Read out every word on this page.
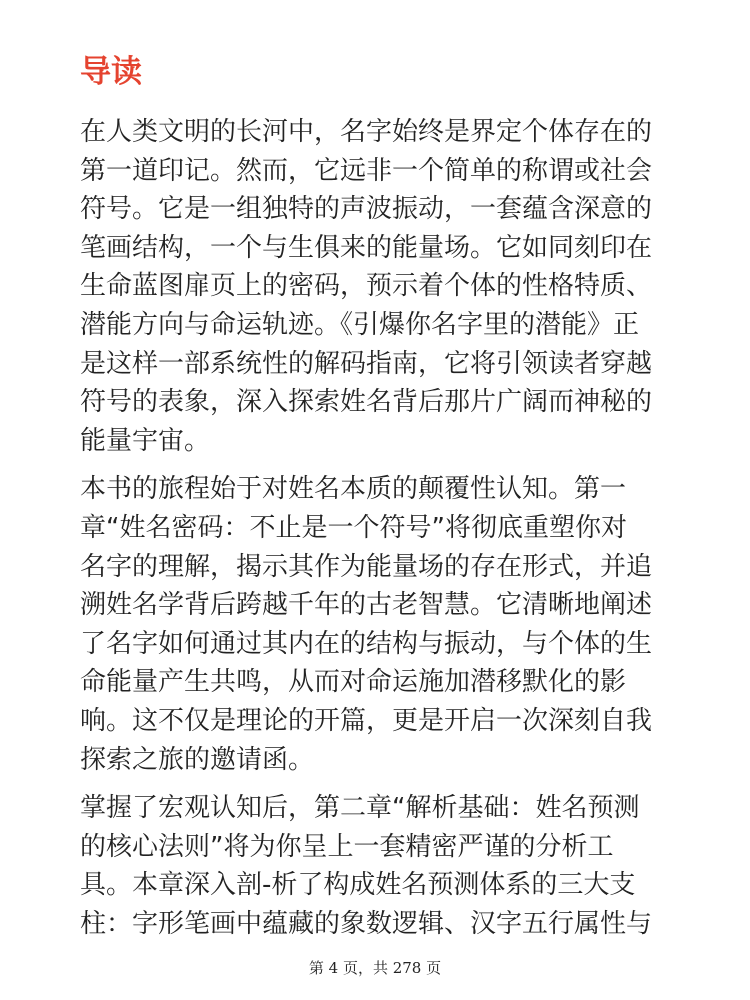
导读

在人类文明的长河中，名字始终是界定个体存在的
第一道印记。然而，它远非一个简单的称谓或社会
符号。它是一组独特的声波振动，一套蕴含深意的
笔画结构，一个与生俱来的能量场。它如同刻印在
生命蓝图扉页上的密码，预示着个体的性格特质、
潜能方向与命运轨迹。《引爆你名字里的潜能》正
是这样一部系统性的解码指南，它将引领读者穿越
符号的表象，深入探索姓名背后那片广阔而神秘的
能量宇宙。

本书的旅程始于对姓名本质的颠覆性认知。第一
章“姓名密码：不止是一个符号”将彻底重塑你对
名字的理解，揭示其作为能量场的存在形式，并追
溯姓名学背后跨越千年的古老智慧。它清晰地阐述
了名字如何通过其内在的结构与振动，与个体的生
命能量产生共鸣，从而对命运施加潜移默化的影
响。这不仅是理论的开篇，更是开启一次深刻自我
探索之旅的邀请函。

掌握了宏观认知后，第二章“解析基础：姓名预测
的核心法则”将为你呈上一套精密严谨的分析工
具。本章深入剖-析了构成姓名预测体系的三大支
柱：字形笔画中蕴藏的象数逻辑、汉字五行属性与

第 4 页，共 278 页
